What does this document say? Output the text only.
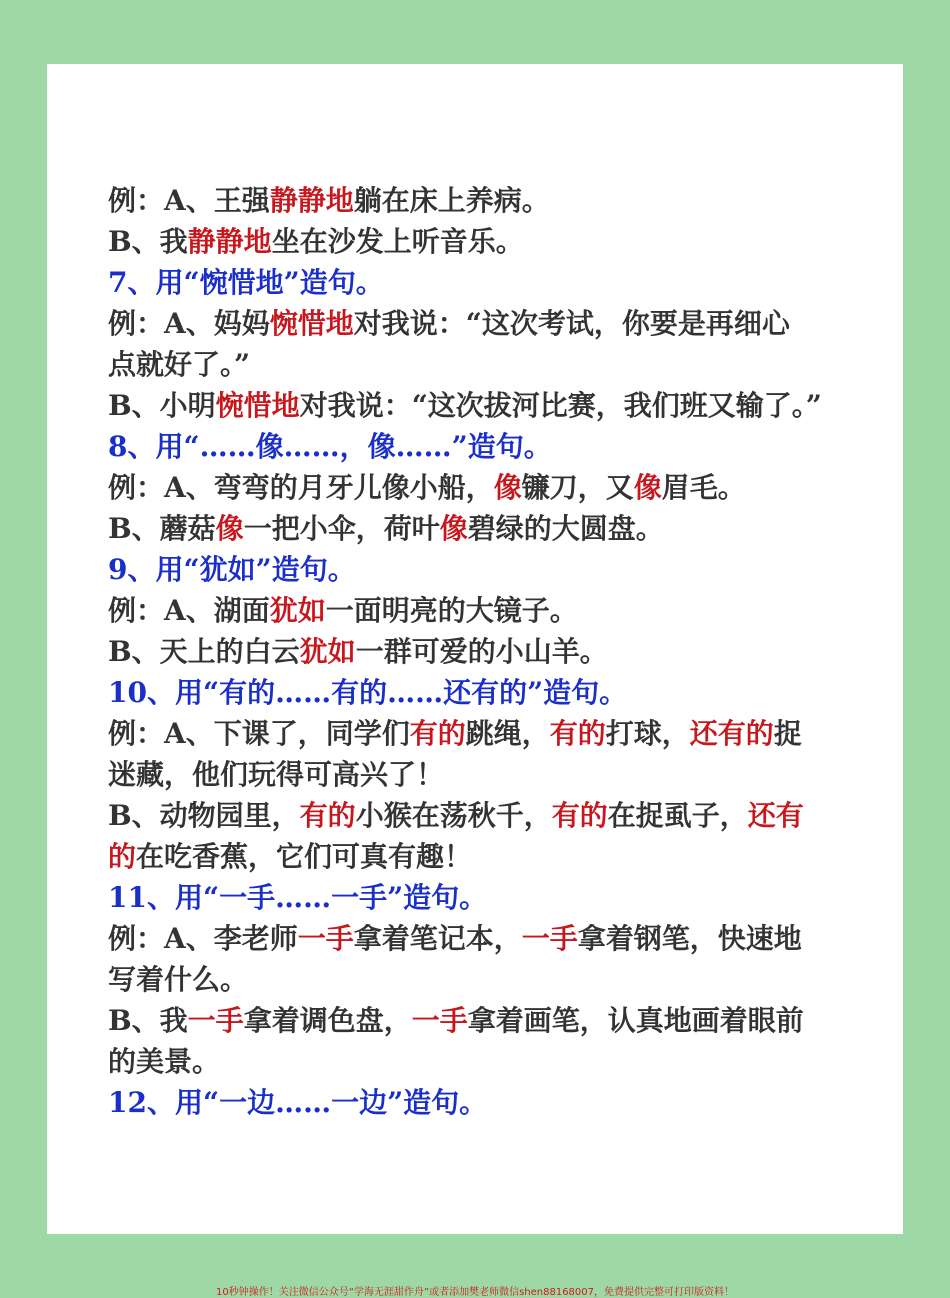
例：A、王强静静地躺在床上养病。
B、我静静地坐在沙发上听音乐。
7、用“惋惜地”造句。
例：A、妈妈惋惜地对我说：“这次考试，你要是再细心
点就好了。”
B、小明惋惜地对我说：“这次拔河比赛，我们班又输了。”
8、用“……像……，像……”造句。
例：A、弯弯的月牙儿像小船，像镰刀，又像眉毛。
B、蘑菇像一把小伞，荷叶像碧绿的大圆盘。
9、用“犹如”造句。
例：A、湖面犹如一面明亮的大镜子。
B、天上的白云犹如一群可爱的小山羊。
10、用“有的……有的……还有的”造句。
例：A、下课了，同学们有的跳绳，有的打球，还有的捉
迷藏，他们玩得可高兴了！
B、动物园里，有的小猴在荡秋千，有的在捉虱子，还有
的在吃香蕉，它们可真有趣！
11、用“一手……一手”造句。
例：A、李老师一手拿着笔记本，一手拿着钢笔，快速地
写着什么。
B、我一手拿着调色盘，一手拿着画笔，认真地画着眼前
的美景。
12、用“一边……一边”造句。
10秒钟操作！关注微信公众号“学海无涯甜作舟”或者添加樊老师微信shen88168007，免费提供完整可打印版资料！
